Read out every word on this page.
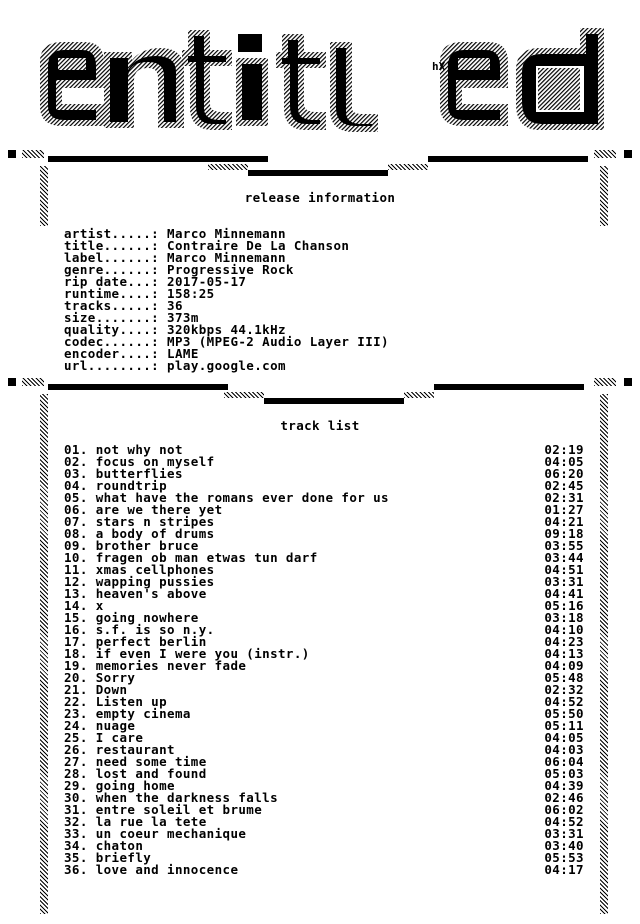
hX!
release information
artist.....: Marco Minnemann
title......: Contraire De La Chanson
label......: Marco Minnemann
genre......: Progressive Rock
rip date...: 2017-05-17
runtime....: 158:25
tracks.....: 36
size.......: 373m
quality....: 320kbps 44.1kHz
codec......: MP3 (MPEG-2 Audio Layer III)
encoder....: LAME
url........: play.google.com
track list
01. not why not	02:19
02. focus on myself	04:05
03. butterflies	06:20
04. roundtrip	02:45
05. what have the romans ever done for us	02:31
06. are we there yet	01:27
07. stars n stripes	04:21
08. a body of drums	09:18
09. brother bruce	03:55
10. fragen ob man etwas tun darf	03:44
11. xmas cellphones	04:51
12. wapping pussies	03:31
13. heaven's above	04:41
14. x	05:16
15. going nowhere	03:18
16. s.f. is so n.y.	04:10
17. perfect berlin	04:23
18. if even I were you (instr.)	04:13
19. memories never fade	04:09
20. Sorry	05:48
21. Down	02:32
22. Listen up	04:52
23. empty cinema	05:50
24. nuage	05:11
25. I care	04:05
26. restaurant	04:03
27. need some time	06:04
28. lost and found	05:03
29. going home	04:39
30. when the darkness falls	02:46
31. entre soleil et brume	06:02
32. la rue la tete	04:52
33. un coeur mechanique	03:31
34. chaton	03:40
35. briefly	05:53
36. love and innocence	04:17
